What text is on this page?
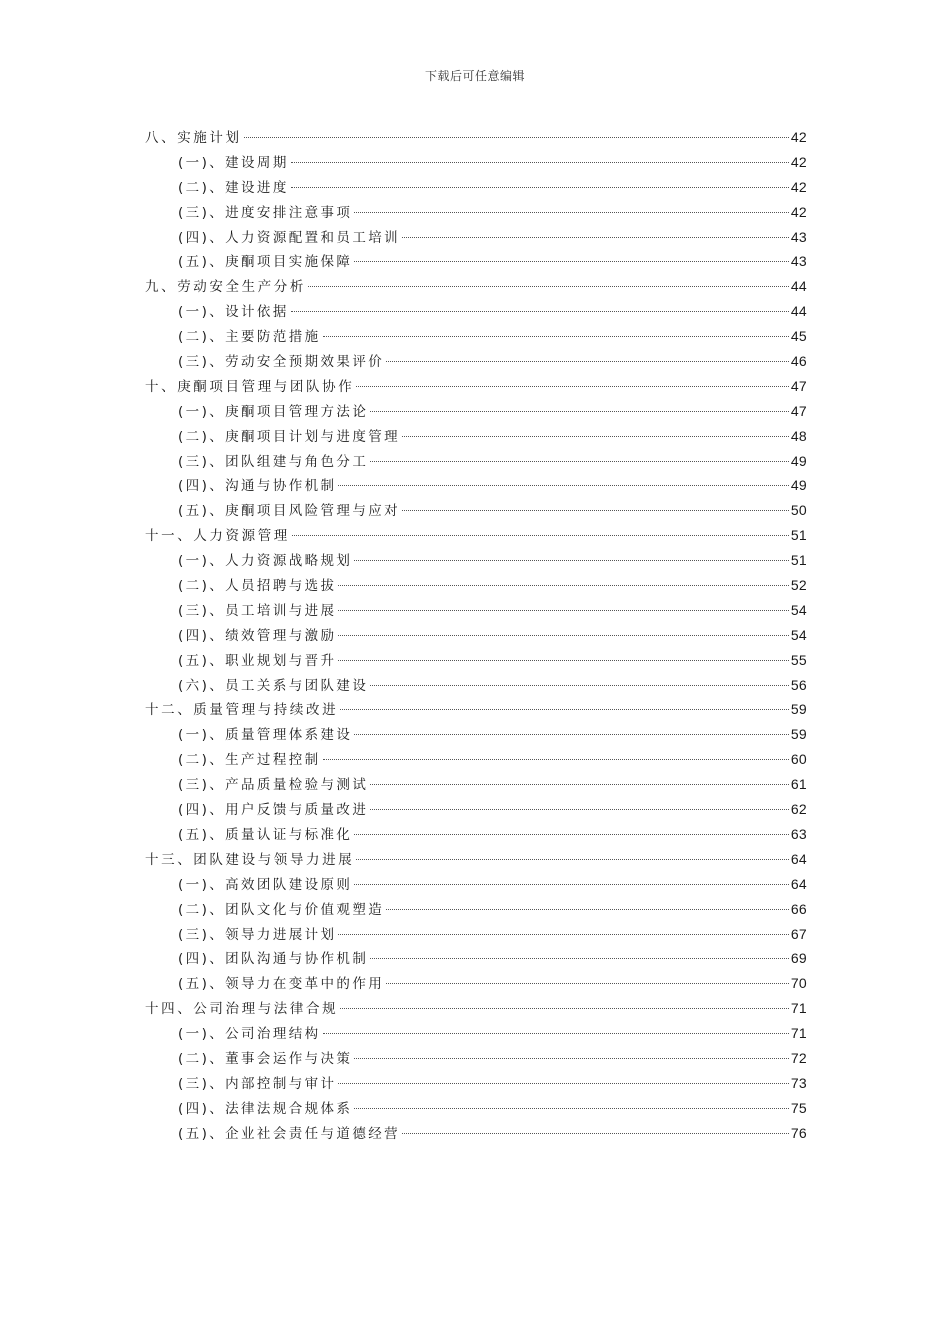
下载后可任意编辑
八、实施计划	42
(一)、建设周期	42
(二)、建设进度	42
(三)、进度安排注意事项	42
(四)、人力资源配置和员工培训	43
(五)、庚酮项目实施保障	43
九、劳动安全生产分析	44
(一)、设计依据	44
(二)、主要防范措施	45
(三)、劳动安全预期效果评价	46
十、庚酮项目管理与团队协作	47
(一)、庚酮项目管理方法论	47
(二)、庚酮项目计划与进度管理	48
(三)、团队组建与角色分工	49
(四)、沟通与协作机制	49
(五)、庚酮项目风险管理与应对	50
十一、人力资源管理	51
(一)、人力资源战略规划	51
(二)、人员招聘与选拔	52
(三)、员工培训与进展	54
(四)、绩效管理与激励	54
(五)、职业规划与晋升	55
(六)、员工关系与团队建设	56
十二、质量管理与持续改进	59
(一)、质量管理体系建设	59
(二)、生产过程控制	60
(三)、产品质量检验与测试	61
(四)、用户反馈与质量改进	62
(五)、质量认证与标准化	63
十三、团队建设与领导力进展	64
(一)、高效团队建设原则	64
(二)、团队文化与价值观塑造	66
(三)、领导力进展计划	67
(四)、团队沟通与协作机制	69
(五)、领导力在变革中的作用	70
十四、公司治理与法律合规	71
(一)、公司治理结构	71
(二)、董事会运作与决策	72
(三)、内部控制与审计	73
(四)、法律法规合规体系	75
(五)、企业社会责任与道德经营	76
